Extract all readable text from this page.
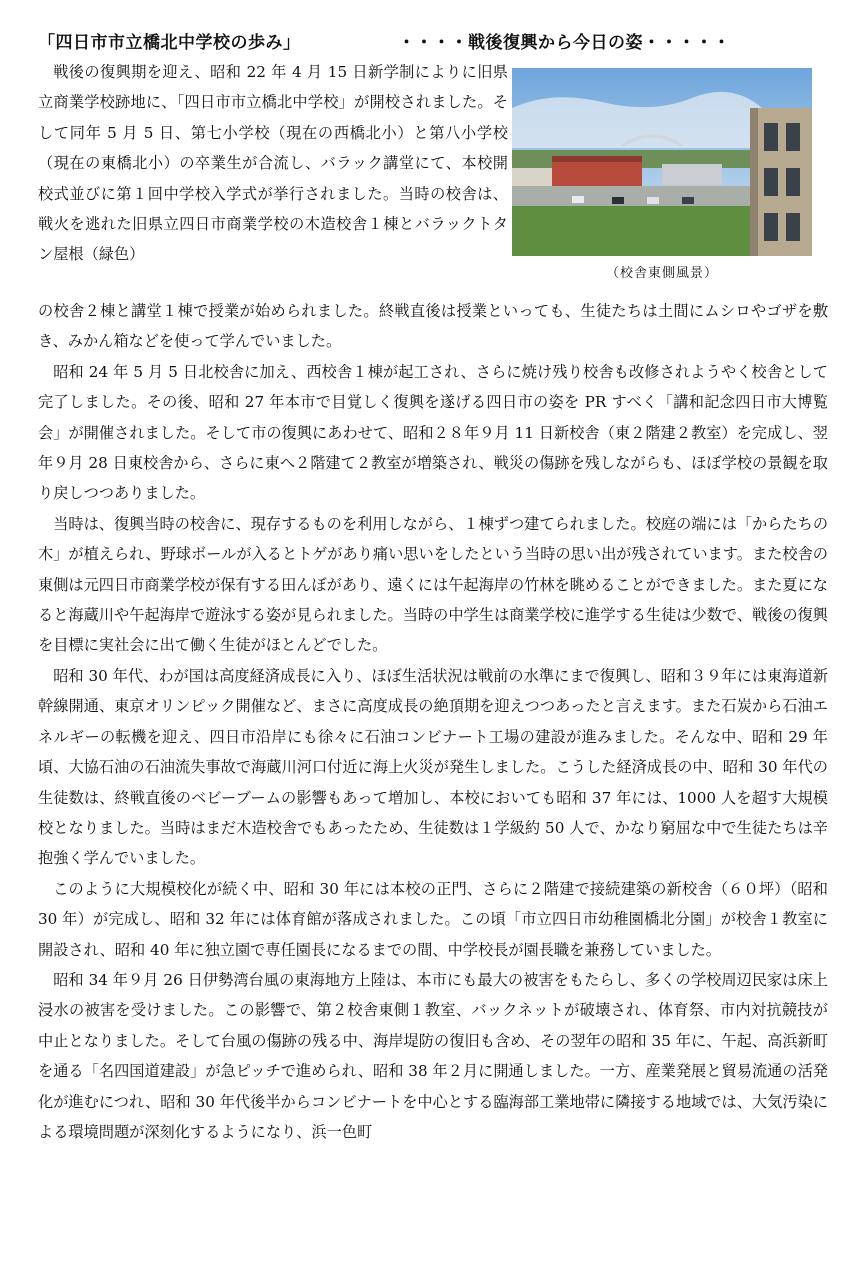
「四日市市立橋北中学校の歩み」	・・・・戦後復興から今日の姿・・・・・

戦後の復興期を迎え、昭和 22 年 4 月 15 日新学制によりに旧県立商業学校跡地に、「四日市市立橋北中学校」が開校されました。そして同年 5 月 5 日、第七小学校（現在の西橋北小）と第八小学校（現在の東橋北小）の卒業生が合流し、バラック講堂にて、本校開校式並びに第１回中学校入学式が挙行されました。当時の校舎は、戦火を逃れた旧県立四日市商業学校の木造校舎１棟とバラックトタン屋根（緑色）

（校舎東側風景）

の校舎２棟と講堂１棟で授業が始められました。終戦直後は授業といっても、生徒たちは土間にムシロやゴザを敷き、みかん箱などを使って学んでいました。

昭和 24 年 5 月 5 日北校舎に加え、西校舎１棟が起工され、さらに焼け残り校舎も改修されようやく校舎として完了しました。その後、昭和 27 年本市で目覚しく復興を遂げる四日市の姿を PR すべく「講和記念四日市大博覧会」が開催されました。そして市の復興にあわせて、昭和２８年９月 11 日新校舎（東２階建２教室）を完成し、翌年９月 28 日東校舎から、さらに東へ２階建て２教室が増築され、戦災の傷跡を残しながらも、ほぼ学校の景観を取り戻しつつありました。

当時は、復興当時の校舎に、現存するものを利用しながら、１棟ずつ建てられました。校庭の端には「からたちの木」が植えられ、野球ボールが入るとトゲがあり痛い思いをしたという当時の思い出が残されています。また校舎の東側は元四日市商業学校が保有する田んぼがあり、遠くには午起海岸の竹林を眺めることができました。また夏になると海蔵川や午起海岸で遊泳する姿が見られました。当時の中学生は商業学校に進学する生徒は少数で、戦後の復興を目標に実社会に出て働く生徒がほとんどでした。

昭和 30 年代、わが国は高度経済成長に入り、ほぼ生活状況は戦前の水準にまで復興し、昭和３９年には東海道新幹線開通、東京オリンピック開催など、まさに高度成長の絶頂期を迎えつつあったと言えます。また石炭から石油エネルギーの転機を迎え、四日市沿岸にも徐々に石油コンビナート工場の建設が進みました。そんな中、昭和 29 年頃、大協石油の石油流失事故で海蔵川河口付近に海上火災が発生しました。こうした経済成長の中、昭和 30 年代の生徒数は、終戦直後のベビーブームの影響もあって増加し、本校においても昭和 37 年には、1000 人を超す大規模校となりました。当時はまだ木造校舎でもあったため、生徒数は１学級約 50 人で、かなり窮屈な中で生徒たちは辛抱強く学んでいました。

このように大規模校化が続く中、昭和 30 年には本校の正門、さらに２階建で接続建築の新校舎（６０坪）（昭和 30 年）が完成し、昭和 32 年には体育館が落成されました。この頃「市立四日市幼稚園橋北分園」が校舎１教室に開設され、昭和 40 年に独立園で専任園長になるまでの間、中学校長が園長職を兼務していました。

昭和 34 年９月 26 日伊勢湾台風の東海地方上陸は、本市にも最大の被害をもたらし、多くの学校周辺民家は床上浸水の被害を受けました。この影響で、第２校舎東側１教室、バックネットが破壊され、体育祭、市内対抗競技が中止となりました。そして台風の傷跡の残る中、海岸堤防の復旧も含め、その翌年の昭和 35 年に、午起、高浜新町を通る「名四国道建設」が急ピッチで進められ、昭和 38 年２月に開通しました。一方、産業発展と貿易流通の活発化が進むにつれ、昭和 30 年代後半からコンビナートを中心とする臨海部工業地帯に隣接する地域では、大気汚染による環境問題が深刻化するようになり、浜一色町
